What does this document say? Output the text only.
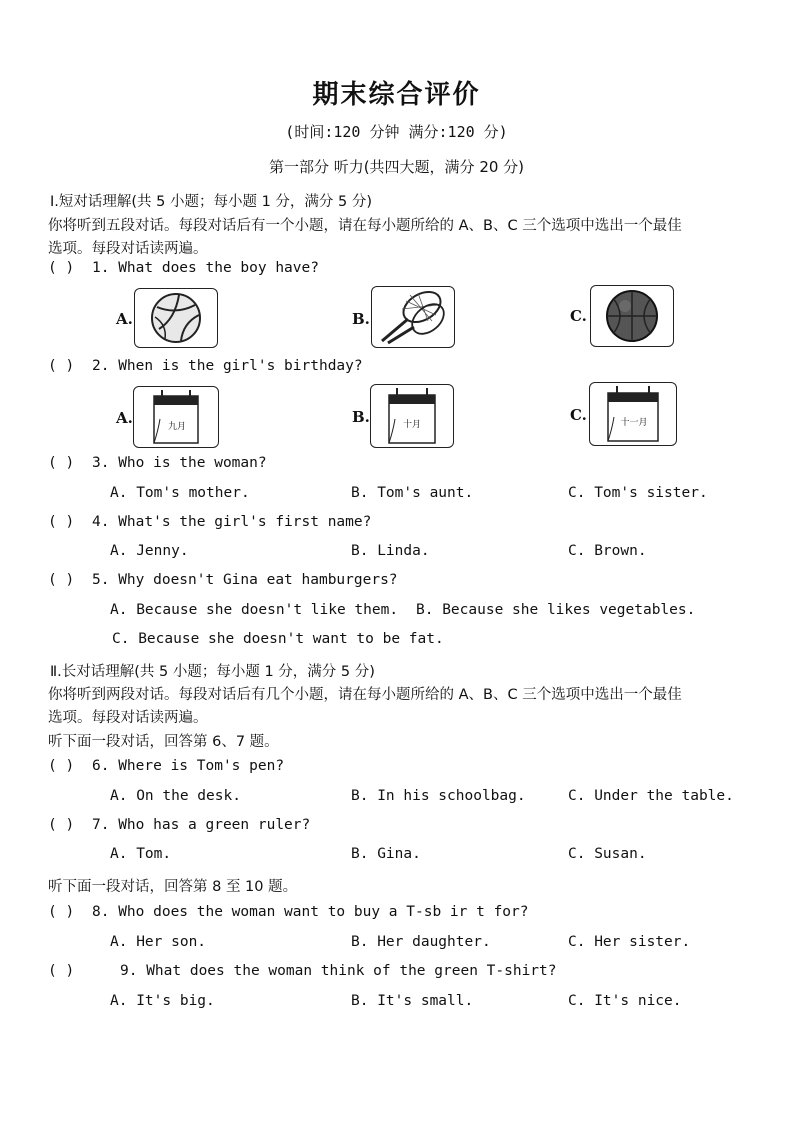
期末综合评价
(时间:120 分钟 满分:120 分)
第一部分 听力(共四大题，满分 20 分)
Ⅰ.短对话理解(共 5 小题；每小题 1 分，满分 5 分)
你将听到五段对话。每段对话后有一个小题，请在每小题所给的 A、B、C 三个选项中选出一个最佳
选项。每段对话读两遍。
( ) 1. What does the boy have?
A.	B.	C.
( ) 2. When is the girl's birthday?
A.	九月
B.	十月
C.	十一月
( ) 3. Who is the woman?
A. Tom's mother.	B. Tom's aunt.	C. Tom's sister.
( ) 4. What's the girl's first name?
A. Jenny.	B. Linda.	C. Brown.
( ) 5. Why doesn't Gina eat hamburgers?
A. Because she doesn't like them. B. Because she likes vegetables.
C. Because she doesn't want to be fat.
Ⅱ.长对话理解(共 5 小题；每小题 1 分，满分 5 分)
你将听到两段对话。每段对话后有几个小题，请在每小题所给的 A、B、C 三个选项中选出一个最佳
选项。每段对话读两遍。
听下面一段对话，回答第 6、7 题。
( ) 6. Where is Tom's pen?
A. On the desk.	B. In his schoolbag.	C. Under the table.
( ) 7. Who has a green ruler?
A. Tom.	B. Gina.	C. Susan.
听下面一段对话，回答第 8 至 10 题。
( ) 8. Who does the woman want to buy a T-sb ir t for?
A. Her son.	B. Her daughter.	C. Her sister.
( )	9. What does the woman think of the green T-shirt?
A. It's big.	B. It's small.	C. It's nice.
